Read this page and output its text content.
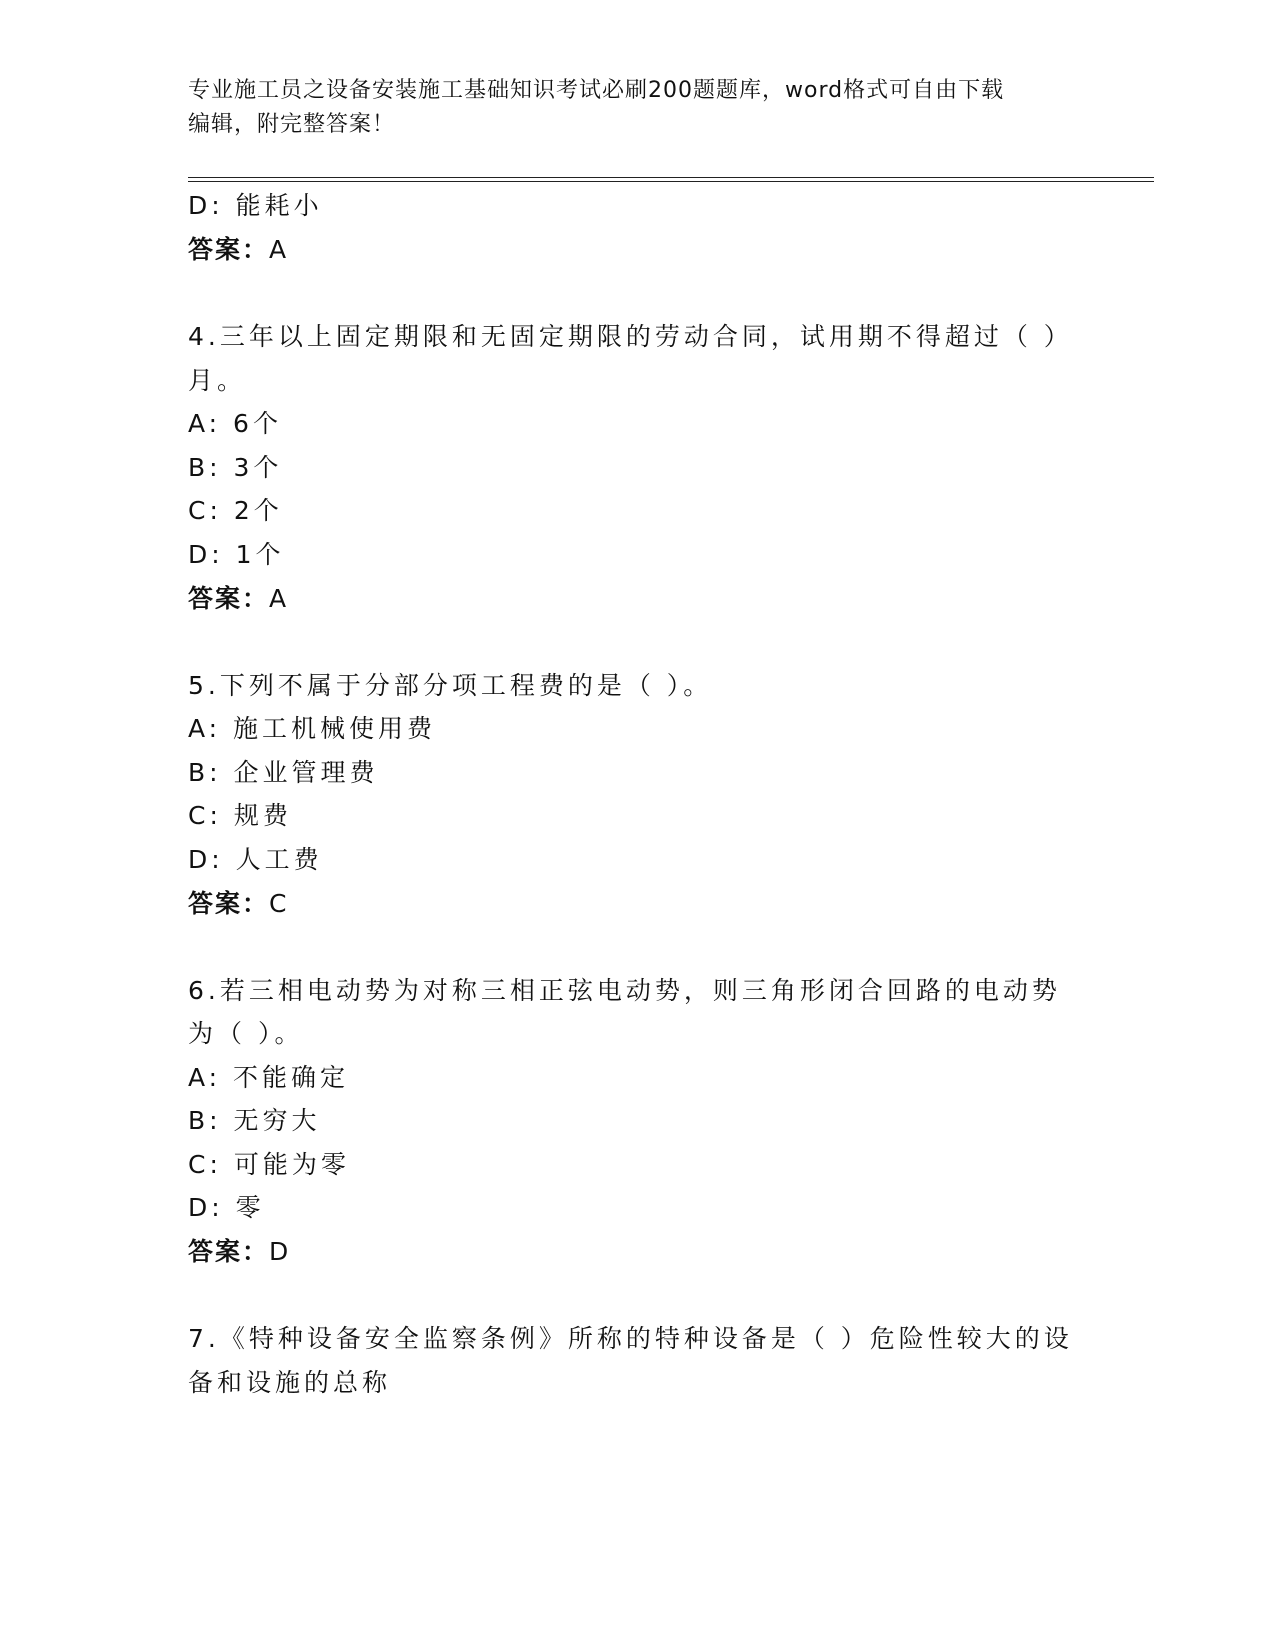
专业施工员之设备安装施工基础知识考试必刷200题题库，word格式可自由下载
编辑，附完整答案！
D: 能耗小
答案：A
4.三年以上固定期限和无固定期限的劳动合同，试用期不得超过（ ）
月。
A: 6个
B: 3个
C: 2个
D: 1个
答案：A
5.下列不属于分部分项工程费的是（ ）。
A: 施工机械使用费
B: 企业管理费
C: 规费
D: 人工费
答案：C
6.若三相电动势为对称三相正弦电动势，则三角形闭合回路的电动势
为（ ）。
A: 不能确定
B: 无穷大
C: 可能为零
D: 零
答案：D
7.《特种设备安全监察条例》所称的特种设备是（ ）危险性较大的设
备和设施的总称
